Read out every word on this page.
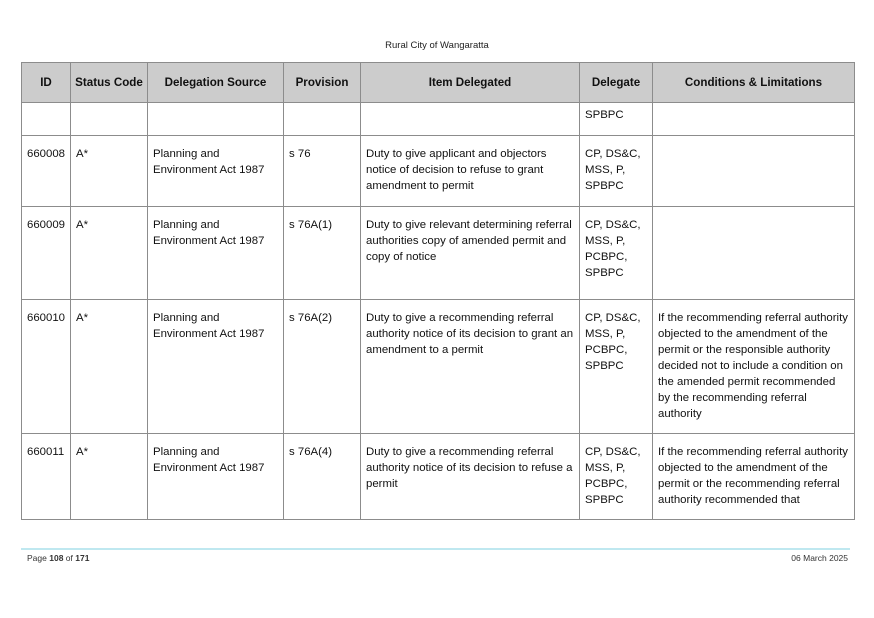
Rural City of Wangaratta
ID	Status Code	Delegation Source	Provision	Item Delegated	Delegate	Conditions & Limitations
					SPBPC	
660008	A*	Planning and Environment Act 1987	s 76	Duty to give applicant and objectors notice of decision to refuse to grant amendment to permit	CP, DS&C, MSS, P, SPBPC	
660009	A*	Planning and Environment Act 1987	s 76A(1)	Duty to give relevant determining referral authorities copy of amended permit and copy of notice	CP, DS&C, MSS, P, PCBPC, SPBPC	
660010	A*	Planning and Environment Act 1987	s 76A(2)	Duty to give a recommending referral authority notice of its decision to grant an amendment to a permit	CP, DS&C, MSS, P, PCBPC, SPBPC	If the recommending referral authority objected to the amendment of the permit or the responsible authority decided not to include a condition on the amended permit recommended by the recommending referral authority
660011	A*	Planning and Environment Act 1987	s 76A(4)	Duty to give a recommending referral authority notice of its decision to refuse a permit	CP, DS&C, MSS, P, PCBPC, SPBPC	If the recommending referral authority objected to the amendment of the permit or the recommending referral authority recommended that
Page 108 of 171	06 March 2025
